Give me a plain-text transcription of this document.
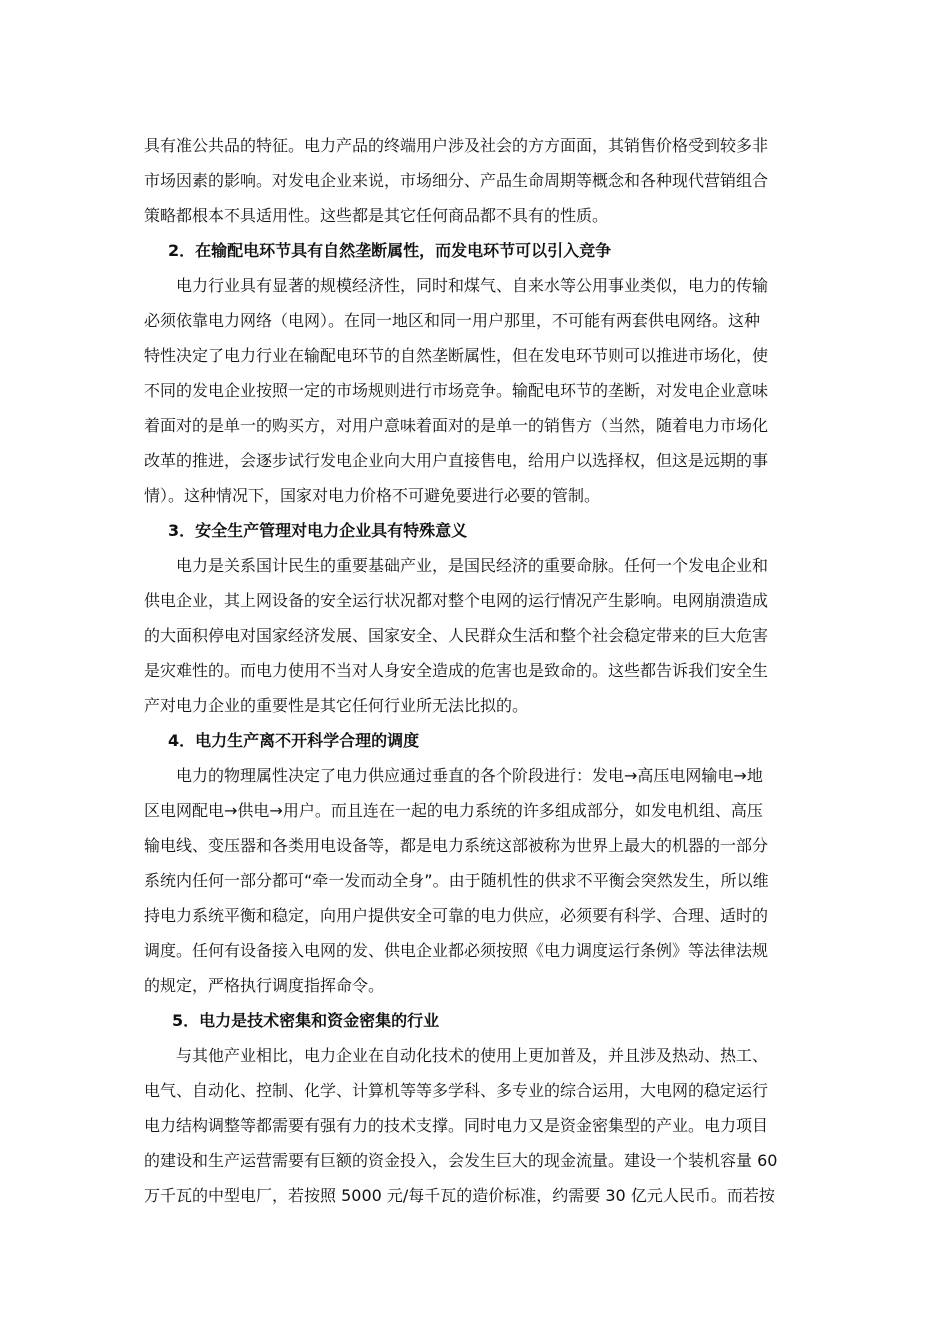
具有准公共品的特征。电力产品的终端用户涉及社会的方方面面，其销售价格受到较多非
市场因素的影响。对发电企业来说，市场细分、产品生命周期等概念和各种现代营销组合
策略都根本不具适用性。这些都是其它任何商品都不具有的性质。
2．在输配电环节具有自然垄断属性，而发电环节可以引入竞争
电力行业具有显著的规模经济性，同时和煤气、自来水等公用事业类似，电力的传输
必须依靠电力网络（电网）。在同一地区和同一用户那里，不可能有两套供电网络。这种
特性决定了电力行业在输配电环节的自然垄断属性，但在发电环节则可以推进市场化，使
不同的发电企业按照一定的市场规则进行市场竞争。输配电环节的垄断，对发电企业意味
着面对的是单一的购买方，对用户意味着面对的是单一的销售方（当然，随着电力市场化
改革的推进，会逐步试行发电企业向大用户直接售电，给用户以选择权，但这是远期的事
情）。这种情况下，国家对电力价格不可避免要进行必要的管制。
3．安全生产管理对电力企业具有特殊意义
电力是关系国计民生的重要基础产业，是国民经济的重要命脉。任何一个发电企业和
供电企业，其上网设备的安全运行状况都对整个电网的运行情况产生影响。电网崩溃造成
的大面积停电对国家经济发展、国家安全、人民群众生活和整个社会稳定带来的巨大危害
是灾难性的。而电力使用不当对人身安全造成的危害也是致命的。这些都告诉我们安全生
产对电力企业的重要性是其它任何行业所无法比拟的。
4．电力生产离不开科学合理的调度
电力的物理属性决定了电力供应通过垂直的各个阶段进行：发电→高压电网输电→地
区电网配电→供电→用户。而且连在一起的电力系统的许多组成部分，如发电机组、高压
输电线、变压器和各类用电设备等，都是电力系统这部被称为世界上最大的机器的一部分
系统内任何一部分都可“牵一发而动全身”。由于随机性的供求不平衡会突然发生，所以维
持电力系统平衡和稳定，向用户提供安全可靠的电力供应，必须要有科学、合理、适时的
调度。任何有设备接入电网的发、供电企业都必须按照《电力调度运行条例》等法律法规
的规定，严格执行调度指挥命令。
5．电力是技术密集和资金密集的行业
与其他产业相比，电力企业在自动化技术的使用上更加普及，并且涉及热动、热工、
电气、自动化、控制、化学、计算机等等多学科、多专业的综合运用，大电网的稳定运行
电力结构调整等都需要有强有力的技术支撑。同时电力又是资金密集型的产业。电力项目
的建设和生产运营需要有巨额的资金投入，会发生巨大的现金流量。建设一个装机容量 60
万千瓦的中型电厂，若按照 5000 元/每千瓦的造价标准，约需要 30 亿元人民币。而若按
